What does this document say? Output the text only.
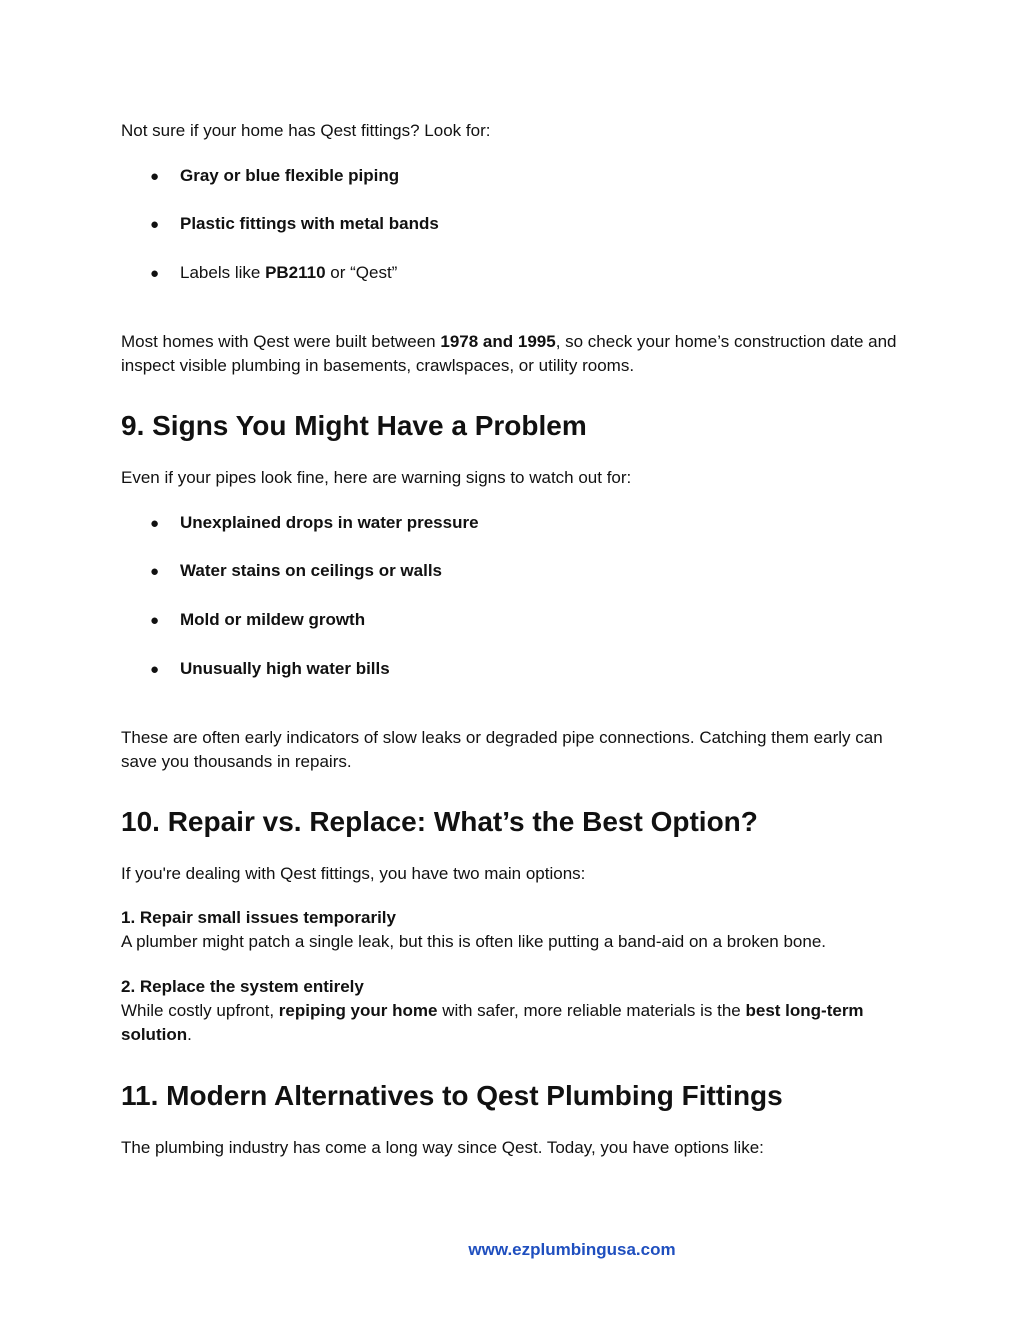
Not sure if your home has Qest fittings? Look for:

● Gray or blue flexible piping

● Plastic fittings with metal bands

● Labels like PB2110 or “Qest”

Most homes with Qest were built between 1978 and 1995, so check your home’s construction date and inspect visible plumbing in basements, crawlspaces, or utility rooms.

9. Signs You Might Have a Problem

Even if your pipes look fine, here are warning signs to watch out for:

● Unexplained drops in water pressure

● Water stains on ceilings or walls

● Mold or mildew growth

● Unusually high water bills

These are often early indicators of slow leaks or degraded pipe connections. Catching them early can save you thousands in repairs.

10. Repair vs. Replace: What’s the Best Option?

If you're dealing with Qest fittings, you have two main options:

1. Repair small issues temporarily
A plumber might patch a single leak, but this is often like putting a band-aid on a broken bone.

2. Replace the system entirely
While costly upfront, repiping your home with safer, more reliable materials is the best long-term solution.

11. Modern Alternatives to Qest Plumbing Fittings

The plumbing industry has come a long way since Qest. Today, you have options like:

www.ezplumbingusa.com
